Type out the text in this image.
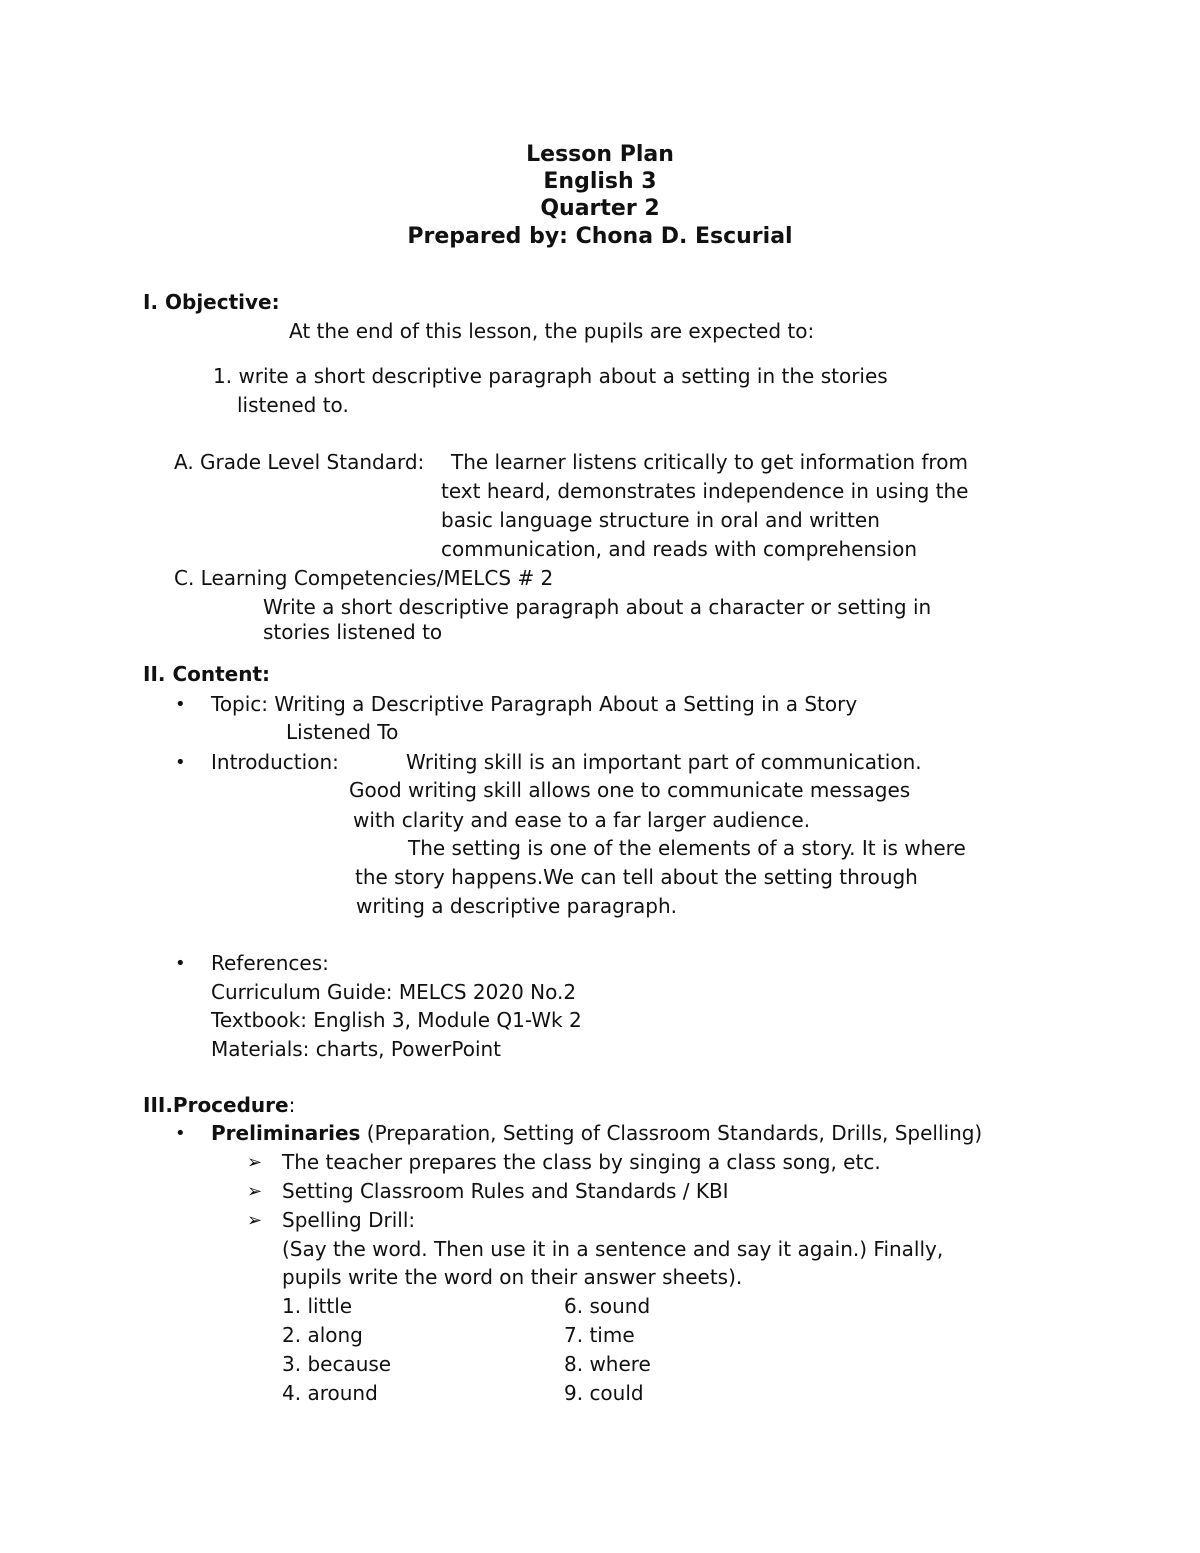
Lesson Plan
English 3
Quarter 2
Prepared by: Chona D. Escurial
I. Objective:
At the end of this lesson, the pupils are expected to:
1. write a short descriptive paragraph about a setting in the stories
listened to.
A. Grade Level Standard: The learner listens critically to get information from
text heard, demonstrates independence in using the
basic language structure in oral and written
communication, and reads with comprehension
C. Learning Competencies/MELCS # 2
Write a short descriptive paragraph about a character or setting in
stories listened to
II. Content:
• Topic: Writing a Descriptive Paragraph About a Setting in a Story
Listened To
• Introduction:	Writing skill is an important part of communication.
Good writing skill allows one to communicate messages
with clarity and ease to a far larger audience.
The setting is one of the elements of a story. It is where
the story happens.We can tell about the setting through
writing a descriptive paragraph.
• References:
Curriculum Guide: MELCS 2020 No.2
Textbook: English 3, Module Q1-Wk 2
Materials: charts, PowerPoint
III.Procedure:
• Preliminaries (Preparation, Setting of Classroom Standards, Drills, Spelling)
➢ The teacher prepares the class by singing a class song, etc.
➢ Setting Classroom Rules and Standards / KBI
➢ Spelling Drill:
(Say the word. Then use it in a sentence and say it again.) Finally,
pupils write the word on their answer sheets).
1. little
2. along
3. because
4. around
6. sound
7. time
8. where
9. could
